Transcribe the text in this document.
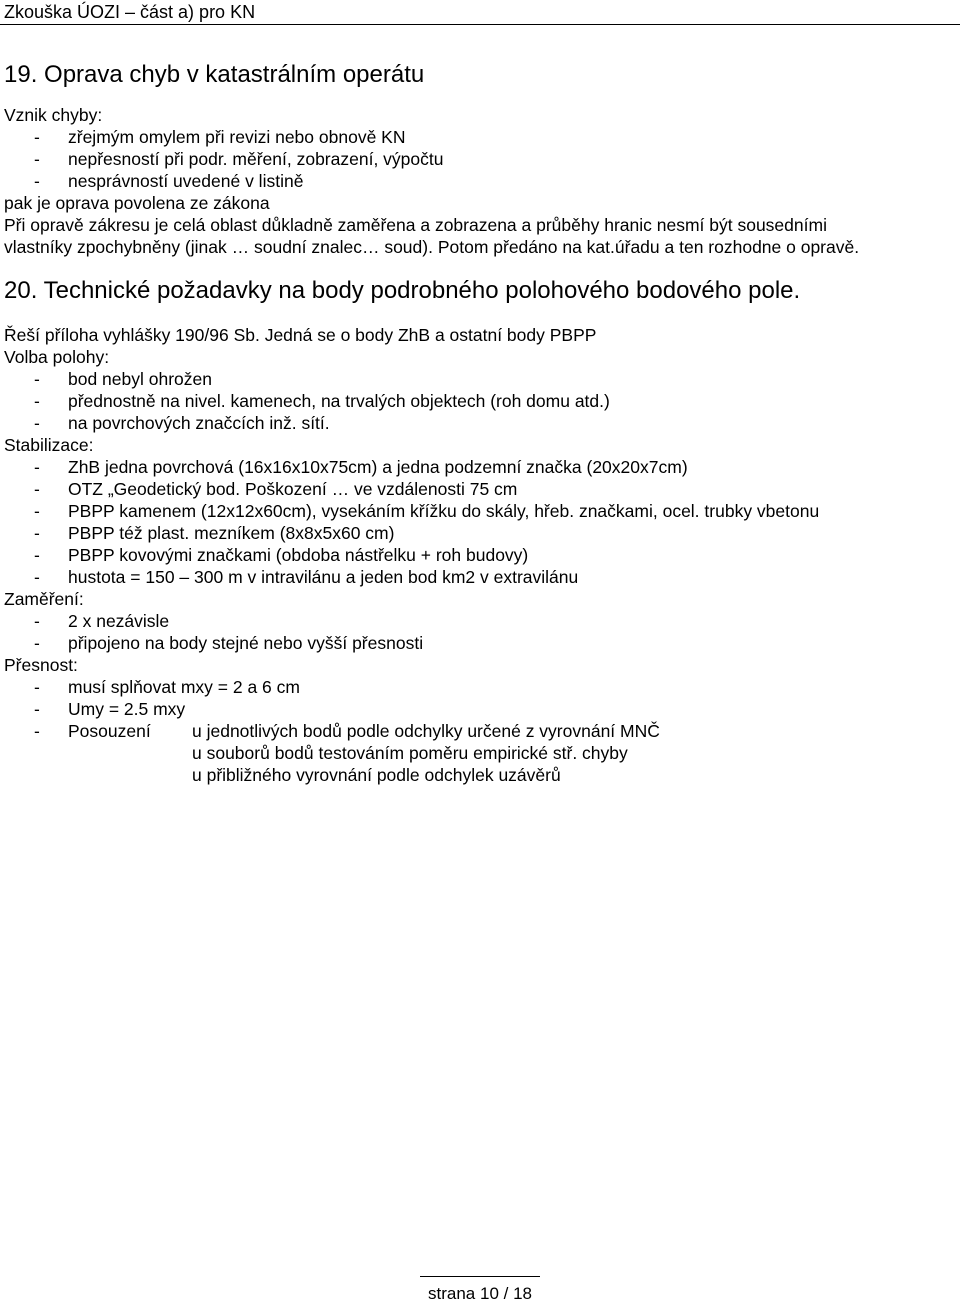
Zkouška ÚOZI – část a) pro KN
19. Oprava chyb v katastrálním operátu
Vznik chyby:
- zřejmým omylem při revizi nebo obnově KN
- nepřesností při podr. měření, zobrazení, výpočtu
- nesprávností uvedené v listině
pak je oprava povolena ze zákona
Při opravě zákresu je celá oblast důkladně zaměřena a zobrazena a průběhy hranic nesmí být sousedními
vlastníky zpochybněny (jinak … soudní znalec… soud). Potom předáno na kat.úřadu a ten rozhodne o opravě.
20. Technické požadavky na body podrobného polohového bodového pole.
Řeší příloha vyhlášky 190/96 Sb. Jedná se o body ZhB a ostatní body PBPP
Volba polohy:
- bod nebyl ohrožen
- přednostně na nivel. kamenech, na trvalých objektech (roh domu atd.)
- na povrchových značcích inž. sítí.
Stabilizace:
- ZhB jedna povrchová (16x16x10x75cm) a jedna podzemní značka (20x20x7cm)
- OTZ „Geodetický bod. Poškození … ve vzdálenosti 75 cm
- PBPP kamenem (12x12x60cm), vysekáním křížku do skály, hřeb. značkami, ocel. trubky vbetonu
- PBPP též plast. mezníkem (8x8x5x60 cm)
- PBPP kovovými značkami (obdoba nástřelku + roh budovy)
- hustota = 150 – 300 m v intravilánu a jeden bod km2 v extravilánu
Zaměření:
- 2 x nezávisle
- připojeno na body stejné nebo vyšší přesnosti
Přesnost:
- musí splňovat mxy = 2 a 6 cm
- Umy = 2.5 mxy
- Posouzení u jednotlivých bodů podle odchylky určené z vyrovnání MNČ
u souborů bodů testováním poměru empirické stř. chyby
u přibližného vyrovnání podle odchylek uzávěrů
strana 10 / 18
